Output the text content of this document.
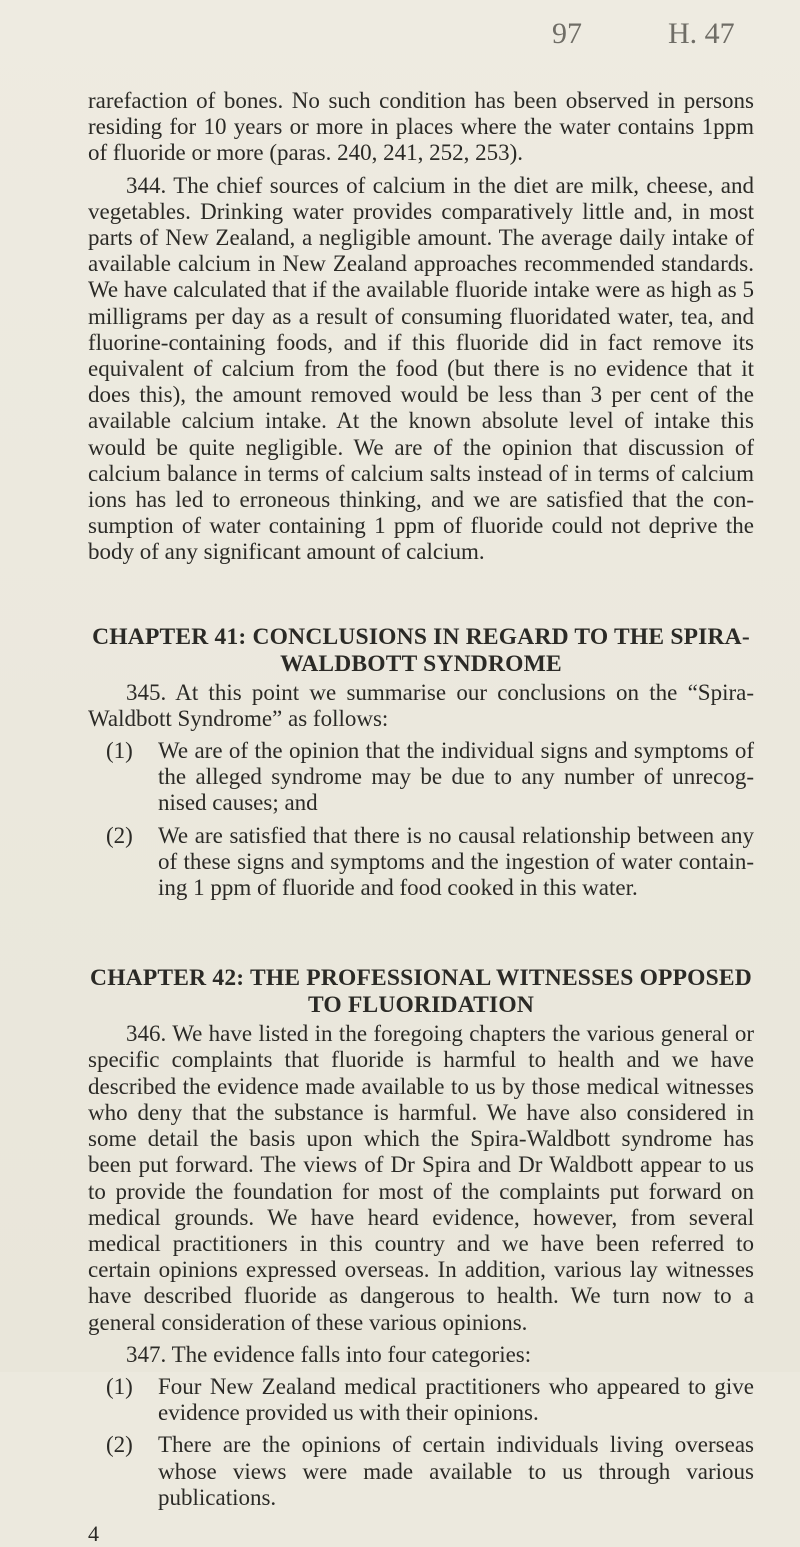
97	H. 47

rarefaction of bones. No such condition has been observed in persons residing for 10 years or more in places where the water contains 1ppm of fluoride or more (paras. 240, 241, 252, 253).

344. The chief sources of calcium in the diet are milk, cheese, and vegetables. Drinking water provides comparatively little and, in most parts of New Zealand, a negligible amount. The average daily intake of available calcium in New Zealand approaches recommended standards. We have calculated that if the available fluoride intake were as high as 5 milligrams per day as a result of consuming fluoridated water, tea, and fluorine-containing foods, and if this fluoride did in fact remove its equivalent of calcium from the food (but there is no evidence that it does this), the amount removed would be less than 3 per cent of the available calcium intake. At the known absolute level of intake this would be quite negligible. We are of the opinion that discussion of calcium balance in terms of calcium salts instead of in terms of calcium ions has led to erroneous thinking, and we are satisfied that the con-sumption of water containing 1 ppm of fluoride could not deprive the body of any significant amount of calcium.

CHAPTER 41: CONCLUSIONS IN REGARD TO THE SPIRA-WALDBOTT SYNDROME

345. At this point we summarise our conclusions on the “Spira-Waldbott Syndrome” as follows:

(1)	We are of the opinion that the individual signs and symptoms of the alleged syndrome may be due to any number of unrecog-nised causes; and
(2)	We are satisfied that there is no causal relationship between any of these signs and symptoms and the ingestion of water contain-ing 1 ppm of fluoride and food cooked in this water.
CHAPTER 42: THE PROFESSIONAL WITNESSES OPPOSED TO FLUORIDATION

346. We have listed in the foregoing chapters the various general or specific complaints that fluoride is harmful to health and we have described the evidence made available to us by those medical witnesses who deny that the substance is harmful. We have also considered in some detail the basis upon which the Spira-Waldbott syndrome has been put forward. The views of Dr Spira and Dr Waldbott appear to us to provide the foundation for most of the complaints put forward on medical grounds. We have heard evidence, however, from several medical practitioners in this country and we have been referred to certain opinions expressed overseas. In addition, various lay witnesses have described fluoride as dangerous to health. We turn now to a general consideration of these various opinions.

347. The evidence falls into four categories:

(1)	Four New Zealand medical practitioners who appeared to give evidence provided us with their opinions.
(2)	There are the opinions of certain individuals living overseas whose views were made available to us through various publications.
4
